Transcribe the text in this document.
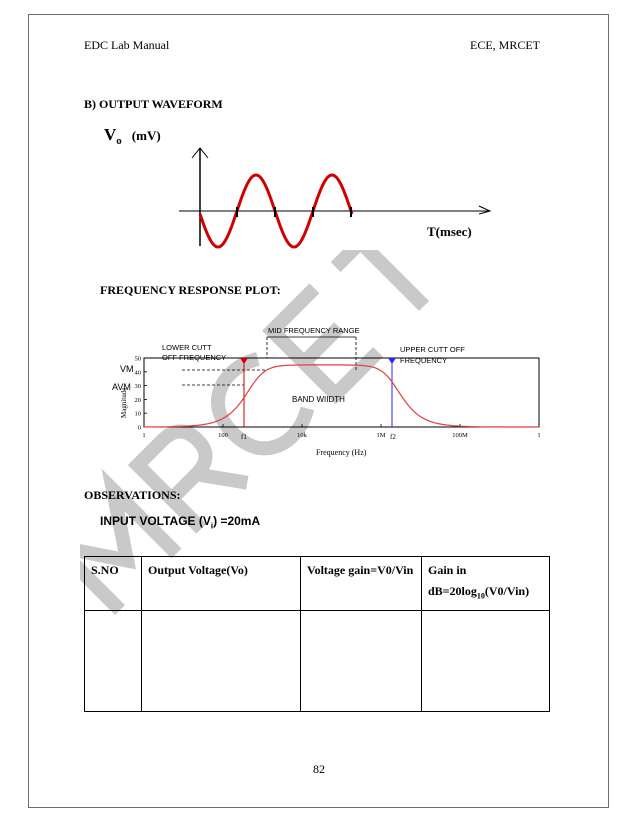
EDC Lab Manual	ECE, MRCET
B) OUTPUT WAVEFORM
$V_o$ $^{(mV)}$
T(msec)
FREQUENCY RESPONSE PLOT:
LOWER CUTT
OFF FREQUENCY
MID FREQUENCY RANGE
UPPER CUTT OFF
FREQUENCY
BAND WIIDTH
VM
AVM
Magnitude
Frequency (Hz)
0
10
20
30
40
50
1	100	10k	1M	100M	1
f1	f2
OBSERVATIONS:
INPUT VOLTAGE $(V_i) =20mA$
S.NO	Output Voltage(Vo)	Voltage gain=V0/Vin	Gain in
$dB=20\log_{10}(V0/Vin)$

82
